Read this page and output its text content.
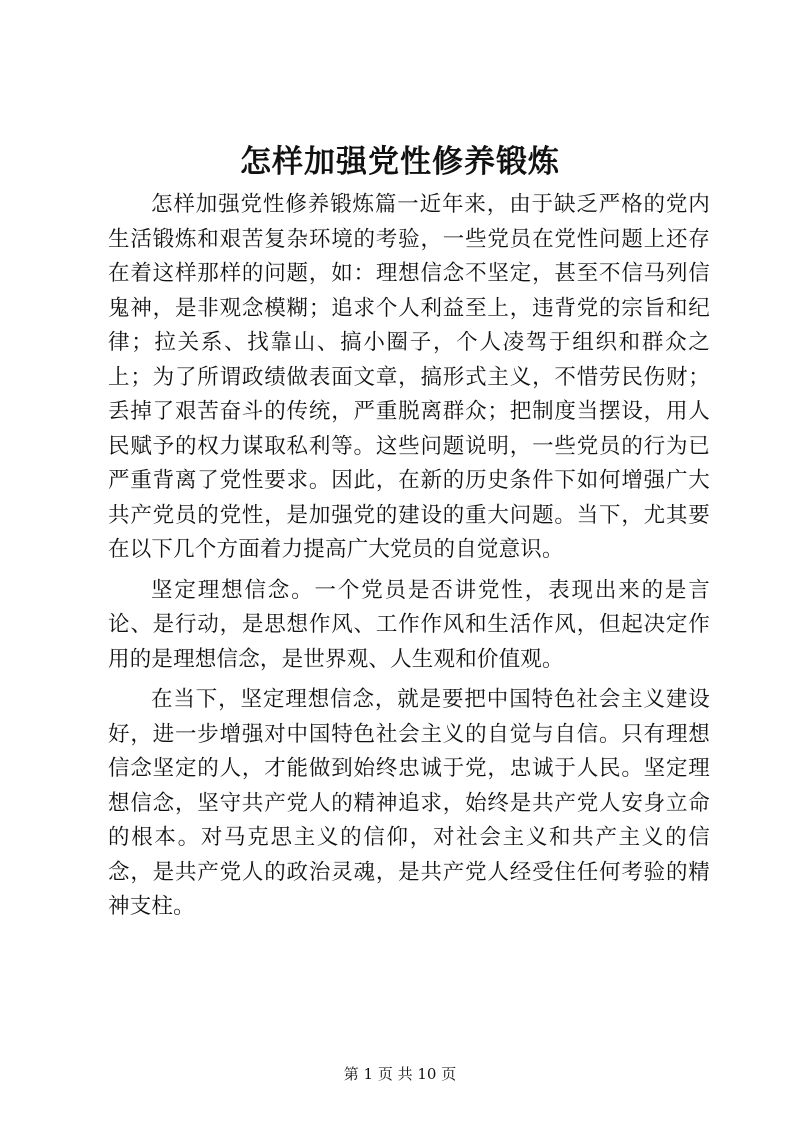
怎样加强党性修养锻炼

怎样加强党性修养锻炼篇一近年来，由于缺乏严格的党内生活锻炼和艰苦复杂环境的考验，一些党员在党性问题上还存在着这样那样的问题，如：理想信念不坚定，甚至不信马列信鬼神，是非观念模糊；追求个人利益至上，违背党的宗旨和纪律；拉关系、找靠山、搞小圈子，个人凌驾于组织和群众之上；为了所谓政绩做表面文章，搞形式主义，不惜劳民伤财；丢掉了艰苦奋斗的传统，严重脱离群众；把制度当摆设，用人民赋予的权力谋取私利等。这些问题说明，一些党员的行为已严重背离了党性要求。因此，在新的历史条件下如何增强广大共产党员的党性，是加强党的建设的重大问题。当下，尤其要在以下几个方面着力提高广大党员的自觉意识。

坚定理想信念。一个党员是否讲党性，表现出来的是言论、是行动，是思想作风、工作作风和生活作风，但起决定作用的是理想信念，是世界观、人生观和价值观。

在当下，坚定理想信念，就是要把中国特色社会主义建设好，进一步增强对中国特色社会主义的自觉与自信。只有理想信念坚定的人，才能做到始终忠诚于党，忠诚于人民。坚定理想信念，坚守共产党人的精神追求，始终是共产党人安身立命的根本。对马克思主义的信仰，对社会主义和共产主义的信念，是共产党人的政治灵魂，是共产党人经受住任何考验的精神支柱。

第 1 页 共 10 页
